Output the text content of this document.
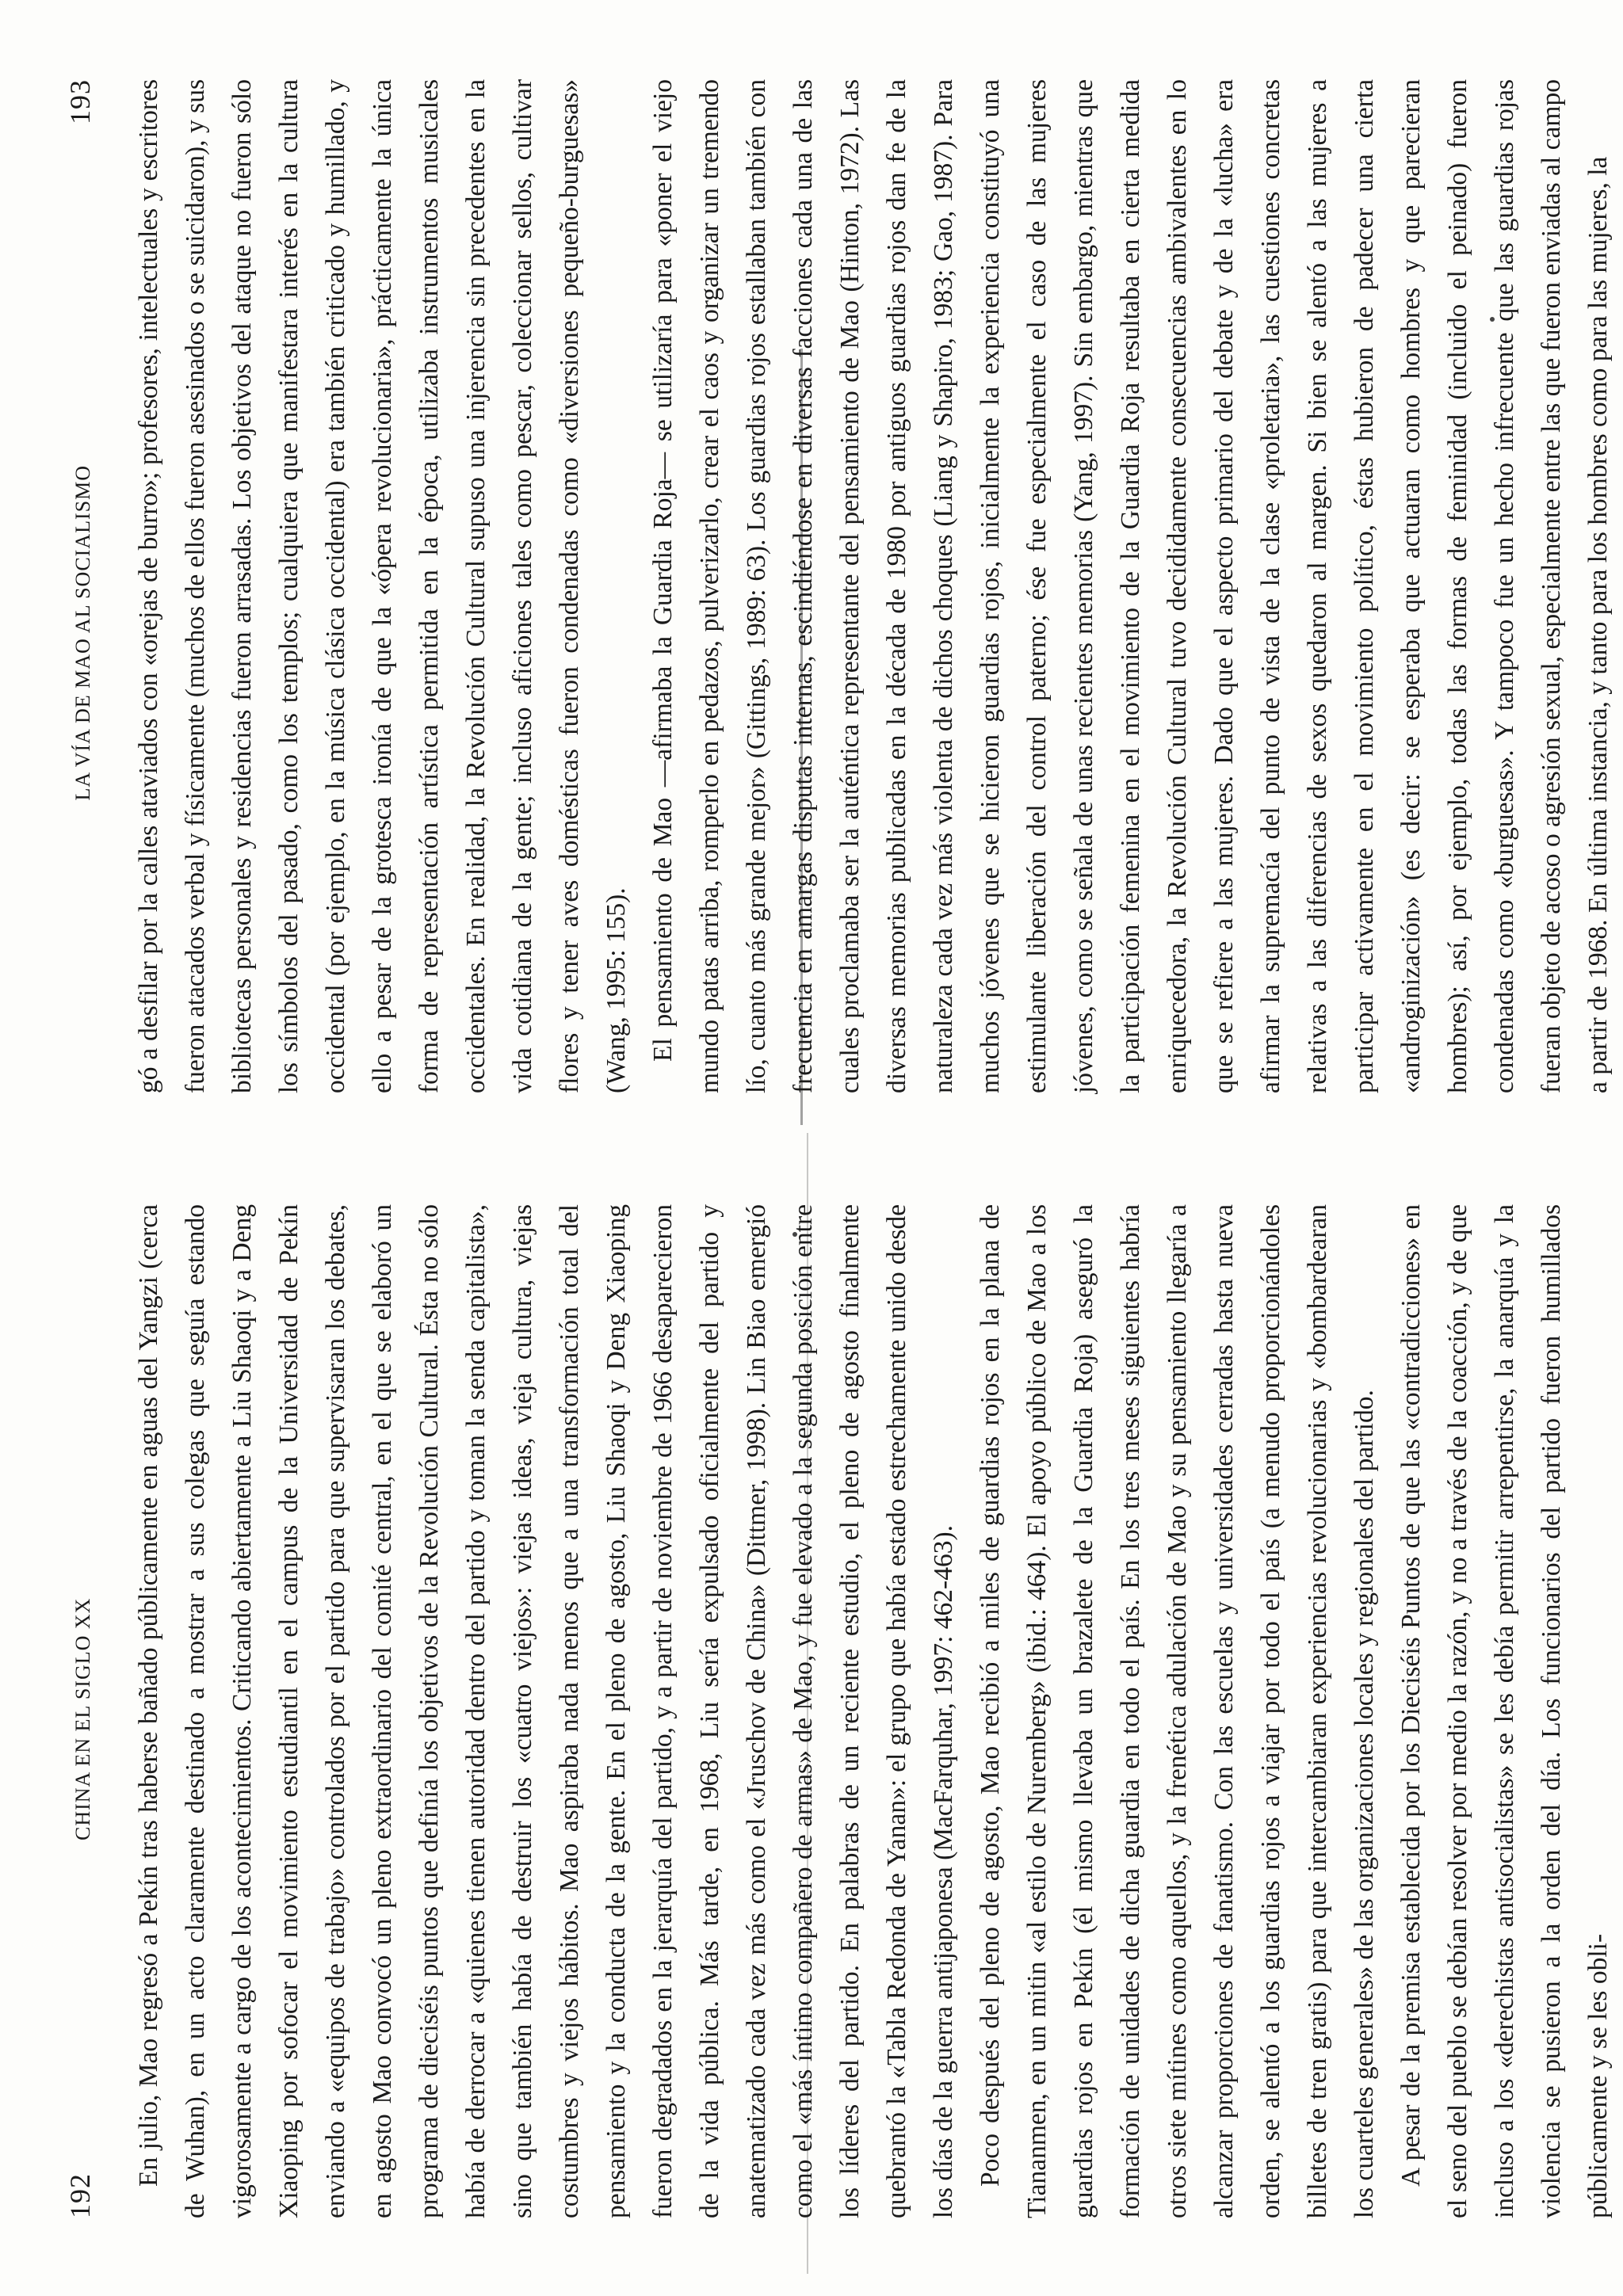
192
CHINA EN EL SIGLO XX	En julio, Mao regresó a Pekín tras haberse bañado públicamente en aguas del Yangzi (cerca de Wuhan), en un acto claramente destinado a mostrar a sus colegas que seguía estando vigorosamente a cargo de los acontecimientos. Criticando abiertamente a Liu Shaoqi y a Deng Xiaoping por sofocar el movimiento estudiantil en el campus de la Universidad de Pekín enviando a «equipos de trabajo» controlados por el partido para que supervisaran los debates, en agosto Mao convocó un pleno extraordinario del comité central, en el que se elaboró un programa de dieciséis puntos que definía los objetivos de la Revolución Cultural. Ésta no sólo había de derrocar a «quienes tienen autoridad dentro del partido y toman la senda capitalista», sino que también había de destruir los «cuatro viejos»: viejas ideas, vieja cultura, viejas costumbres y viejos hábitos. Mao aspiraba nada menos que a una transformación total del pensamiento y la conducta de la gente. En el pleno de agosto, Liu Shaoqi y Deng Xiaoping fueron degradados en la jerarquía del partido, y a partir de noviembre de 1966 desaparecieron de la vida pública. Más tarde, en 1968, Liu sería expulsado oficialmente del partido y anatematizado cada vez más como el «Jruschov de China» (Dittmer, 1998). Lin Biao emergió como el «más íntimo compañero de armas» de Mao, y fue elevado a la segunda posición entre los líderes del partido. En palabras de un reciente estudio, el pleno de agosto finalmente quebrantó la «Tabla Redonda de Yanan»: el grupo que había estado estrechamente unido desde los días de la guerra antijaponesa (MacFarquhar, 1997: 462-463). Poco después del pleno de agosto, Mao recibió a miles de guardias rojos en la plana de Tiananmen, en un mitin «al estilo de Nuremberg» (ibid.: 464). El apoyo público de Mao a los guardias rojos en Pekín (él mismo llevaba un brazalete de la Guardia Roja) aseguró la formación de unidades de dicha guardia en todo el país. En los tres meses siguientes habría otros siete mítines como aquellos, y la frenética adulación de Mao y su pensamiento llegaría a alcanzar proporciones de fanatismo. Con las escuelas y universidades cerradas hasta nueva orden, se alentó a los guardias rojos a viajar por todo el país (a menudo proporcionándoles billetes de tren gratis) para que intercambiaran experiencias revolucionarias y «bombardearan los cuarteles generales» de las organizaciones locales y regionales del partido. A pesar de la premisa establecida por los Dieciséis Puntos de que las «contradicciones» en el seno del pueblo se debían resolver por medio la razón, y no a través de la coacción, y de que incluso a los «derechistas antisocialistas» se les debía permitir arrepentirse, la anarquía y la violencia se pusieron a la orden del día. Los funcionarios del partido fueron humillados públicamente y se les obli-

LA VÍA DE MAO AL SOCIALISMO
193	gó a desfilar por la calles ataviados con «orejas de burro»; profesores, intelectuales y escritores fueron atacados verbal y físicamente (muchos de ellos fueron asesinados o se suicidaron), y sus bibliotecas personales y residencias fueron arrasadas. Los objetivos del ataque no fueron sólo los símbolos del pasado, como los templos; cualquiera que manifestara interés en la cultura occidental (por ejemplo, en la música clásica occidental) era también criticado y humillado, y ello a pesar de la grotesca ironía de que la «ópera revolucionaria», prácticamente la única forma de representación artística permitida en la época, utilizaba instrumentos musicales occidentales. En realidad, la Revolución Cultural supuso una injerencia sin precedentes en la vida cotidiana de la gente; incluso aficiones tales como pescar, coleccionar sellos, cultivar flores y tener aves domésticas fueron condenadas como «diversiones pequeño-burguesas» (Wang, 1995: 155). El pensamiento de Mao —afirmaba la Guardia Roja— se utilizaría para «poner el viejo mundo patas arriba, romperlo en pedazos, pulverizarlo, crear el caos y organizar un tremendo lío, cuanto más grande mejor» (Gittings, 1989: 63). Los guardias rojos estallaban también con frecuencia en amargas disputas internas, escindiéndose en diversas facciones cada una de las cuales proclamaba ser la auténtica representante del pensamiento de Mao (Hinton, 1972). Las diversas memorias publicadas en la década de 1980 por antiguos guardias rojos dan fe de la naturaleza cada vez más violenta de dichos choques (Liang y Shapiro, 1983; Gao, 1987). Para muchos jóvenes que se hicieron guardias rojos, inicialmente la experiencia constituyó una estimulante liberación del control paterno; ése fue especialmente el caso de las mujeres jóvenes, como se señala de unas recientes memorias (Yang, 1997). Sin embargo, mientras que la participación femenina en el movimiento de la Guardia Roja resultaba en cierta medida enriquecedora, la Revolución Cultural tuvo decididamente consecuencias ambivalentes en lo que se refiere a las mujeres. Dado que el aspecto primario del debate y de la «lucha» era afirmar la supremacía del punto de vista de la clase «proletaria», las cuestiones concretas relativas a las diferencias de sexos quedaron al margen. Si bien se alentó a las mujeres a participar activamente en el movimiento político, éstas hubieron de padecer una cierta «androginización» (es decir: se esperaba que actuaran como hombres y que parecieran hombres); así, por ejemplo, todas las formas de feminidad (incluido el peinado) fueron condenadas como «burguesas». Y tampoco fue un hecho infrecuente que las guardias rojas fueran objeto de acoso o agresión sexual, especialmente entre las que fueron enviadas al campo a partir de 1968. En última instancia, y tanto para los hombres como para las mujeres, la
